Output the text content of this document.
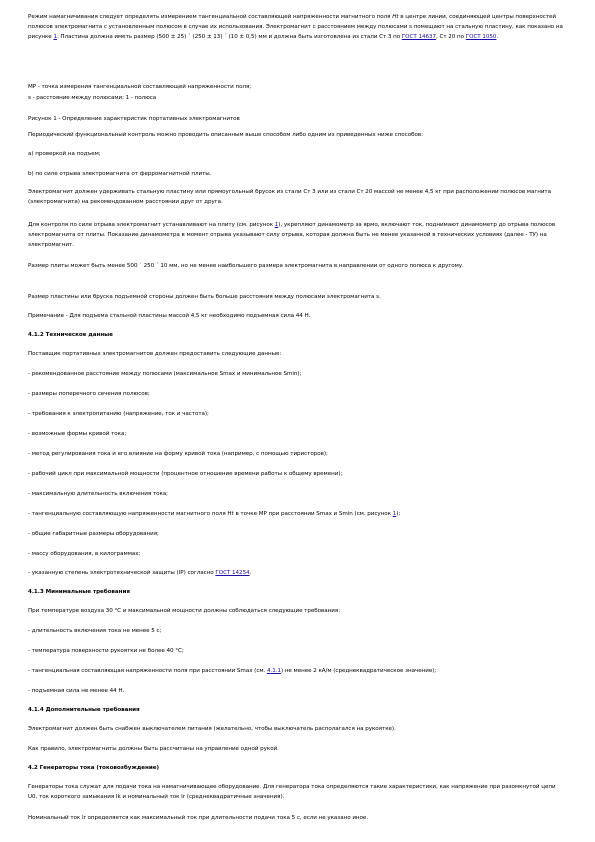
Режим намагничивания следует определять измерением тангенциальной составляющей напряженности магнитного поля Ht в центре линии, соединяющей центры поверхностей полюсов электромагнита с установленным полюсом в случае их использования. Электромагнит с расстоянием между полюсами s помещают на стальную пластину, как показано на рисунке 1. Пластина должна иметь размер (500 ± 25) ´ (250 ± 13) ´ (10 ± 0,5) мм и должна быть изготовлена из стали Ст 3 по ГОСТ 14637, Ст 20 по ГОСТ 1050.

MP - точка измерения тангенциальной составляющей напряженности поля;

s - расстояние между полюсами; 1 - полюса

Рисунок 1 - Определение характеристик портативных электромагнитов

Периодический функциональный контроль можно проводить описанным выше способом либо одним из приведенных ниже способов:

a) проверкой на подъем;

b) по силе отрыва электромагнита от ферромагнитной плиты.

Электромагнит должен удерживать стальную пластину или прямоугольный брусок из стали Ст 3 или из стали Ст 20 массой не менее 4,5 кг при расположении полюсов магнита (электромагнита) на рекомендованном расстоянии друг от друга.

Для контроля по силе отрыва электромагнит устанавливают на плиту (см. рисунок 1), укрепляют динамометр за ярмо, включают ток, поднимают динамометр до отрыва полюсов электромагнита от плиты. Показание динамометра в момент отрыва указывают силу отрыва, которая должна быть не менее указанной в технических условиях (далее - ТУ) на электромагнит.

Размер плиты может быть менее 500 ´ 250 ´ 10 мм, но не менее наибольшего размера электромагнита в направлении от одного полюса к другому.

Размер пластины или бруска подъемной стороны должен быть больше расстояния между полюсами электромагнита s.

Примечание - Для подъема стальной пластины массой 4,5 кг необходимо подъемная сила 44 Н.

4.1.2 Техническое данные

Поставщик портативных электромагнитов должен предоставить следующие данные:

- рекомендованное расстояние между полюсами (максимальное Smax и минимальное Smin);

- размеры поперечного сечения полюсов;

- требования к электропитанию (напряжение, ток и частота);

- возможные формы кривой тока;

- метод регулирования тока и его влияние на форму кривой тока (например, с помощью тиристоров);

- рабочий цикл при максимальной мощности (процентное отношение времени работы к общему времени);

- максимальную длительность включения тока;

- тангенциальную составляющую напряженности магнитного поля Ht в точке MP при расстоянии Smax и Smin (см. рисунок 1);

- общие габаритные размеры оборудования;

- массу оборудования, в килограммах;

- указанную степень электротехнической защиты (IP) согласно ГОСТ 14254.

4.1.3 Минимальные требования

При температуре воздуха 30 °С и максимальной мощности должны соблюдаться следующие требования:

- длительность включения тока не менее 5 с;

- температура поверхности рукоятки не более 40 °С;

- тангенциальная составляющая напряженности поля при расстоянии Smax (см. 4.1.1) не менее 2 кА/м (среднеквадратическое значение);

- подъемная сила не менее 44 Н.

4.1.4 Дополнительные требования

Электромагнит должен быть снабжен выключателем питания (желательно, чтобы выключатель располагался на рукоятке).

Как правило, электромагниты должны быть рассчитаны на управление одной рукой.

4.2 Генераторы тока (токовозбуждение)

Генераторы тока служат для подачи тока на намагничивающее оборудование. Для генератора тока определяются такие характеристики, как напряжение при разомкнутой цепи U0, ток короткого замыкания Ik и номинальный ток Ir (среднеквадратичные значения).

Номинальный ток Ir определяется как максимальный ток при длительности подачи тока 5 с, если не указано иное.
